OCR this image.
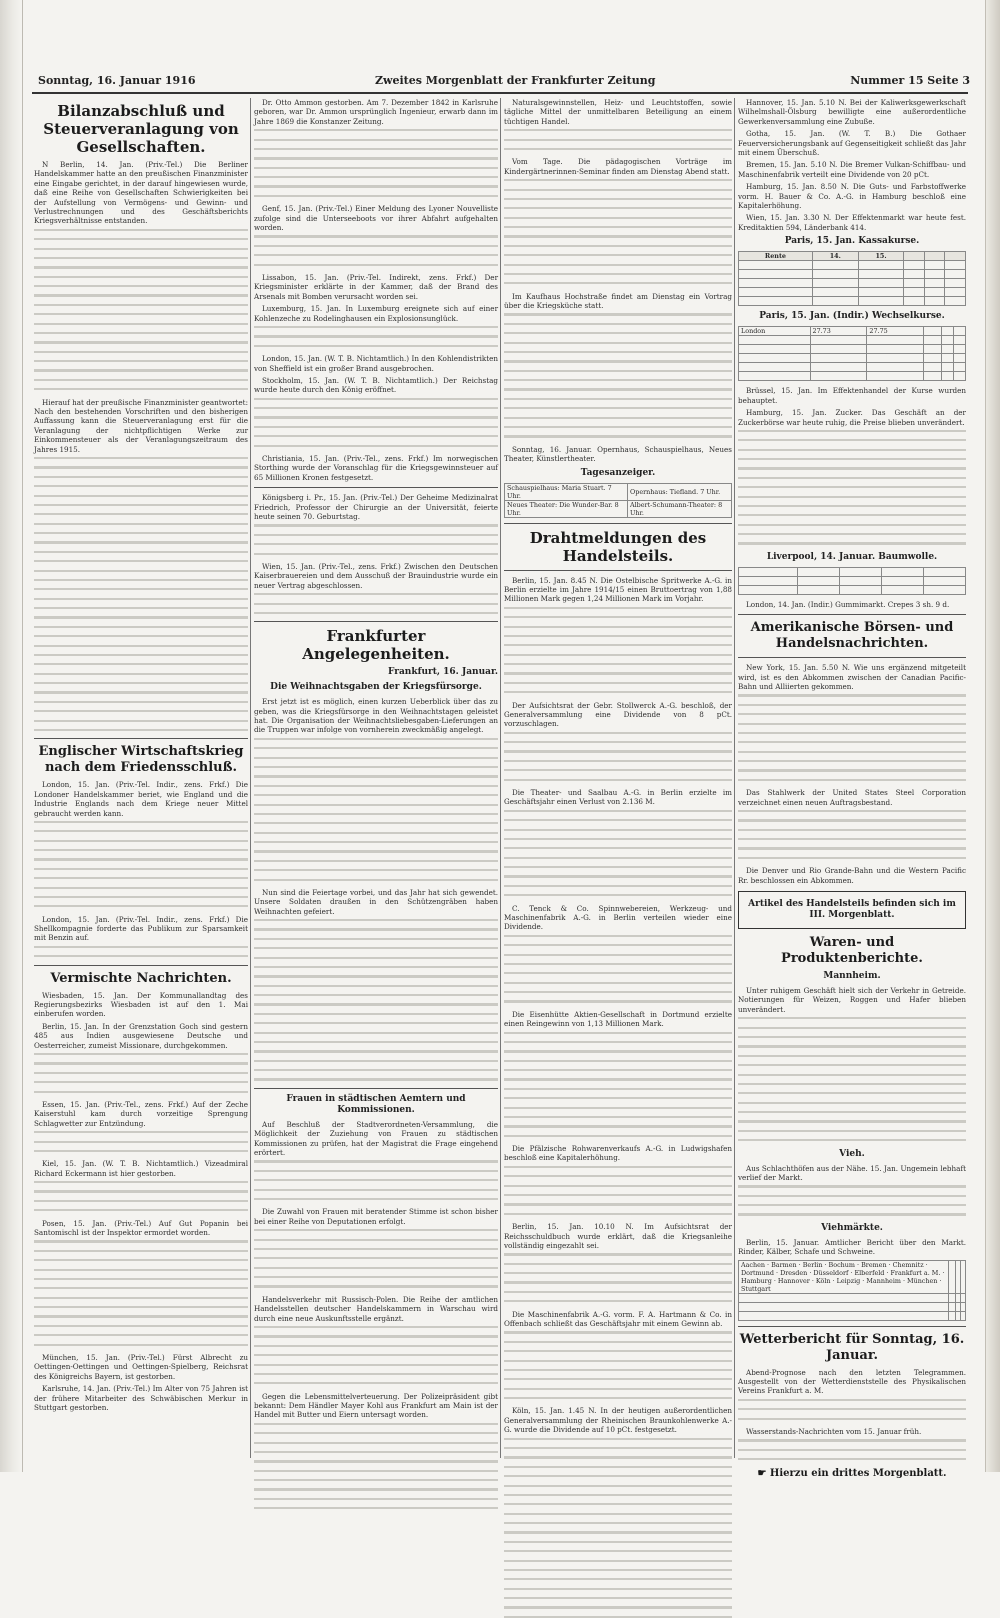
Sonntag, 16. Januar 1916	Zweites Morgenblatt der Frankfurter Zeitung	Nummer 15 Seite 3
Bilanzabschluß und Steuerveranlagung von Gesellschaften.

N Berlin, 14. Jan. (Priv.-Tel.) Die Berliner Handelskammer hatte an den preußischen Finanzminister eine Eingabe gerichtet, in der darauf hingewiesen wurde, daß eine Reihe von Gesellschaften Schwierigkeiten bei der Aufstellung von Vermögens- und Gewinn- und Verlustrechnungen und des Geschäftsberichts Kriegsverhältnisse entstanden.

Hierauf hat der preußische Finanzminister geantwortet: Nach den bestehenden Vorschriften und den bisherigen Auffassung kann die Steuerveranlagung erst für die Veranlagung der nichtpflichtigen Werke zur Einkommensteuer als der Veranlagungszeitraum des Jahres 1915.

Englischer Wirtschaftskrieg nach dem Friedensschluß.

London, 15. Jan. (Priv.-Tel. Indir., zens. Frkf.) Die Londoner Handelskammer beriet, wie England und die Industrie Englands nach dem Kriege neuer Mittel gebraucht werden kann.

London, 15. Jan. (Priv.-Tel. Indir., zens. Frkf.) Die Shellkompagnie forderte das Publikum zur Sparsamkeit mit Benzin auf.

Vermischte Nachrichten.

Wiesbaden, 15. Jan. Der Kommunallandtag des Regierungsbezirks Wiesbaden ist auf den 1. Mai einberufen worden.

Berlin, 15. Jan. In der Grenzstation Goch sind gestern 485 aus Indien ausgewiesene Deutsche und Oesterreicher, zumeist Missionare, durchgekommen.

Essen, 15. Jan. (Priv.-Tel., zens. Frkf.) Auf der Zeche Kaiserstuhl kam durch vorzeitige Sprengung Schlagwetter zur Entzündung.

Kiel, 15. Jan. (W. T. B. Nichtamtlich.) Vizeadmiral Richard Eckermann ist hier gestorben.

Posen, 15. Jan. (Priv.-Tel.) Auf Gut Popanin bei Santomischl ist der Inspektor ermordet worden.

München, 15. Jan. (Priv.-Tel.) Fürst Albrecht zu Oettingen-Oettingen und Oettingen-Spielberg, Reichsrat des Königreichs Bayern, ist gestorben.

Karlsruhe, 14. Jan. (Priv.-Tel.) Im Alter von 75 Jahren ist der frühere Mitarbeiter des Schwäbischen Merkur in Stuttgart gestorben.

Dr. Otto Ammon gestorben. Am 7. Dezember 1842 in Karlsruhe geboren, war Dr. Ammon ursprünglich Ingenieur, erwarb dann im Jahre 1869 die Konstanzer Zeitung.

Genf, 15. Jan. (Priv.-Tel.) Einer Meldung des Lyoner Nouvelliste zufolge sind die Unterseeboots vor ihrer Abfahrt aufgehalten worden.

Lissabon, 15. Jan. (Priv.-Tel. Indirekt, zens. Frkf.) Der Kriegsminister erklärte in der Kammer, daß der Brand des Arsenals mit Bomben verursacht worden sei.

Luxemburg, 15. Jan. In Luxemburg ereignete sich auf einer Kohlenzeche zu Rodelinghausen ein Explosionsunglück.

London, 15. Jan. (W. T. B. Nichtamtlich.) In den Kohlendistrikten von Sheffield ist ein großer Brand ausgebrochen.

Stockholm, 15. Jan. (W. T. B. Nichtamtlich.) Der Reichstag wurde heute durch den König eröffnet.

Christiania, 15. Jan. (Priv.-Tel., zens. Frkf.) Im norwegischen Storthing wurde der Voranschlag für die Kriegsgewinnsteuer auf 65 Millionen Kronen festgesetzt.

Königsberg i. Pr., 15. Jan. (Priv.-Tel.) Der Geheime Medizinalrat Friedrich, Professor der Chirurgie an der Universität, feierte heute seinen 70. Geburtstag.

Wien, 15. Jan. (Priv.-Tel., zens. Frkf.) Zwischen den Deutschen Kaiserbrauereien und dem Ausschuß der Brauindustrie wurde ein neuer Vertrag abgeschlossen.

Frankfurter Angelegenheiten.
Frankfurt, 16. Januar.
Die Weihnachtsgaben der Kriegsfürsorge.

Erst jetzt ist es möglich, einen kurzen Ueberblick über das zu geben, was die Kriegsfürsorge in den Weihnachtstagen geleistet hat. Die Organisation der Weihnachtsliebesgaben-Lieferungen an die Truppen war infolge von vornherein zweckmäßig angelegt.

Nun sind die Feiertage vorbei, und das Jahr hat sich gewendet. Unsere Soldaten draußen in den Schützengräben haben Weihnachten gefeiert.

Frauen in städtischen Aemtern und Kommissionen.

Auf Beschluß der Stadtverordneten-Versammlung, die Möglichkeit der Zuziehung von Frauen zu städtischen Kommissionen zu prüfen, hat der Magistrat die Frage eingehend erörtert.

Die Zuwahl von Frauen mit beratender Stimme ist schon bisher bei einer Reihe von Deputationen erfolgt.

Handelsverkehr mit Russisch-Polen. Die Reihe der amtlichen Handelsstellen deutscher Handelskammern in Warschau wird durch eine neue Auskunftsstelle ergänzt.

Gegen die Lebensmittelverteuerung. Der Polizeipräsident gibt bekannt: Dem Händler Mayer Kohl aus Frankfurt am Main ist der Handel mit Butter und Eiern untersagt worden.

Naturalsgewinnstellen, Heiz- und Leuchtstoffen, sowie tägliche Mittel der unmittelbaren Beteiligung an einem tüchtigen Handel.

Vom Tage. Die pädagogischen Vorträge im Kindergärtnerinnen-Seminar finden am Dienstag Abend statt.

Im Kaufhaus Hochstraße findet am Dienstag ein Vortrag über die Kriegsküche statt.

Sonntag, 16. Januar. Opernhaus, Schauspielhaus, Neues Theater, Künstlertheater.

Tagesanzeiger.
Schauspielhaus: Maria Stuart. 7 Uhr.	Opernhaus: Tiefland. 7 Uhr.
Neues Theater: Die Wunder-Bar. 8 Uhr.	Albert-Schumann-Theater: 8 Uhr.
Drahtmeldungen des Handelsteils.

Berlin, 15. Jan. 8.45 N. Die Ostelbische Spritwerke A.-G. in Berlin erzielte im Jahre 1914/15 einen Bruttoertrag von 1,88 Millionen Mark gegen 1,24 Millionen Mark im Vorjahr.

Der Aufsichtsrat der Gebr. Stollwerck A.-G. beschloß, der Generalversammlung eine Dividende von 8 pCt. vorzuschlagen.

Die Theater- und Saalbau A.-G. in Berlin erzielte im Geschäftsjahr einen Verlust von 2.136 M.

C. Tenck & Co. Spinnwebereien, Werkzeug- und Maschinenfabrik A.-G. in Berlin verteilen wieder eine Dividende.

Die Eisenhütte Aktien-Gesellschaft in Dortmund erzielte einen Reingewinn von 1,13 Millionen Mark.

Die Pfälzische Rohwarenverkaufs A.-G. in Ludwigshafen beschloß eine Kapitalerhöhung.

Berlin, 15. Jan. 10.10 N. Im Aufsichtsrat der Reichsschuldbuch wurde erklärt, daß die Kriegsanleihe vollständig eingezahlt sei.

Die Maschinenfabrik A.-G. vorm. F. A. Hartmann & Co. in Offenbach schließt das Geschäftsjahr mit einem Gewinn ab.

Köln, 15. Jan. 1.45 N. In der heutigen außerordentlichen Generalversammlung der Rheinischen Braunkohlenwerke A.-G. wurde die Dividende auf 10 pCt. festgesetzt.

Hannover, 15. Jan. 5.10 N. Bei der Kaliwerksgewerkschaft Wilhelmshall-Ölsburg bewilligte eine außerordentliche Gewerkenversammlung eine Zubuße.

Gotha, 15. Jan. (W. T. B.) Die Gothaer Feuerversicherungsbank auf Gegenseitigkeit schließt das Jahr mit einem Überschuß.

Bremen, 15. Jan. 5.10 N. Die Bremer Vulkan-Schiffbau- und Maschinenfabrik verteilt eine Dividende von 20 pCt.

Hamburg, 15. Jan. 8.50 N. Die Guts- und Farbstoffwerke vorm. H. Bauer & Co. A.-G. in Hamburg beschloß eine Kapitalerhöhung.

Wien, 15. Jan. 3.30 N. Der Effektenmarkt war heute fest. Kreditaktien 594, Länderbank 414.

Paris, 15. Jan. Kassakurse.
Rente	14.	15.			

Paris, 15. Jan. (Indir.) Wechselkurse.
London	27.73	27.75			

Brüssel, 15. Jan. Im Effektenhandel der Kurse wurden behauptet.

Hamburg, 15. Jan. Zucker. Das Geschäft an der Zuckerbörse war heute ruhig, die Preise blieben unverändert.

Liverpool, 14. Januar. Baumwolle.

London, 14. Jan. (Indir.) Gummimarkt. Crepes 3 sh. 9 d.

Amerikanische Börsen- und Handelsnachrichten.

New York, 15. Jan. 5.50 N. Wie uns ergänzend mitgeteilt wird, ist es den Abkommen zwischen der Canadian Pacific-Bahn und Alliierten gekommen.

Das Stahlwerk der United States Steel Corporation verzeichnet einen neuen Auftragsbestand.

Die Denver und Rio Grande-Bahn und die Western Pacific Rr. beschlossen ein Abkommen.

Artikel des Handelsteils befinden sich im III. Morgenblatt.
Waren- und Produktenberichte.
Mannheim.

Unter ruhigem Geschäft hielt sich der Verkehr in Getreide. Notierungen für Weizen, Roggen und Hafer blieben unverändert.

Vieh.

Aus Schlachthöfen aus der Nähe. 15. Jan. Ungemein lebhaft verlief der Markt.

Viehmärkte.

Berlin, 15. Januar. Amtlicher Bericht über den Markt. Rinder, Kälber, Schafe und Schweine.

Aachen · Barmen · Berlin · Bochum · Bremen · Chemnitz · Dortmund · Dresden · Düsseldorf · Elberfeld · Frankfurt a. M. · Hamburg · Hannover · Köln · Leipzig · Mannheim · München · Stuttgart			

Wetterbericht für Sonntag, 16. Januar.

Abend-Prognose nach den letzten Telegrammen. Ausgestellt von der Wetterdienststelle des Physikalischen Vereins Frankfurt a. M.

Wasserstands-Nachrichten vom 15. Januar früh.

☛ Hierzu ein drittes Morgenblatt.
